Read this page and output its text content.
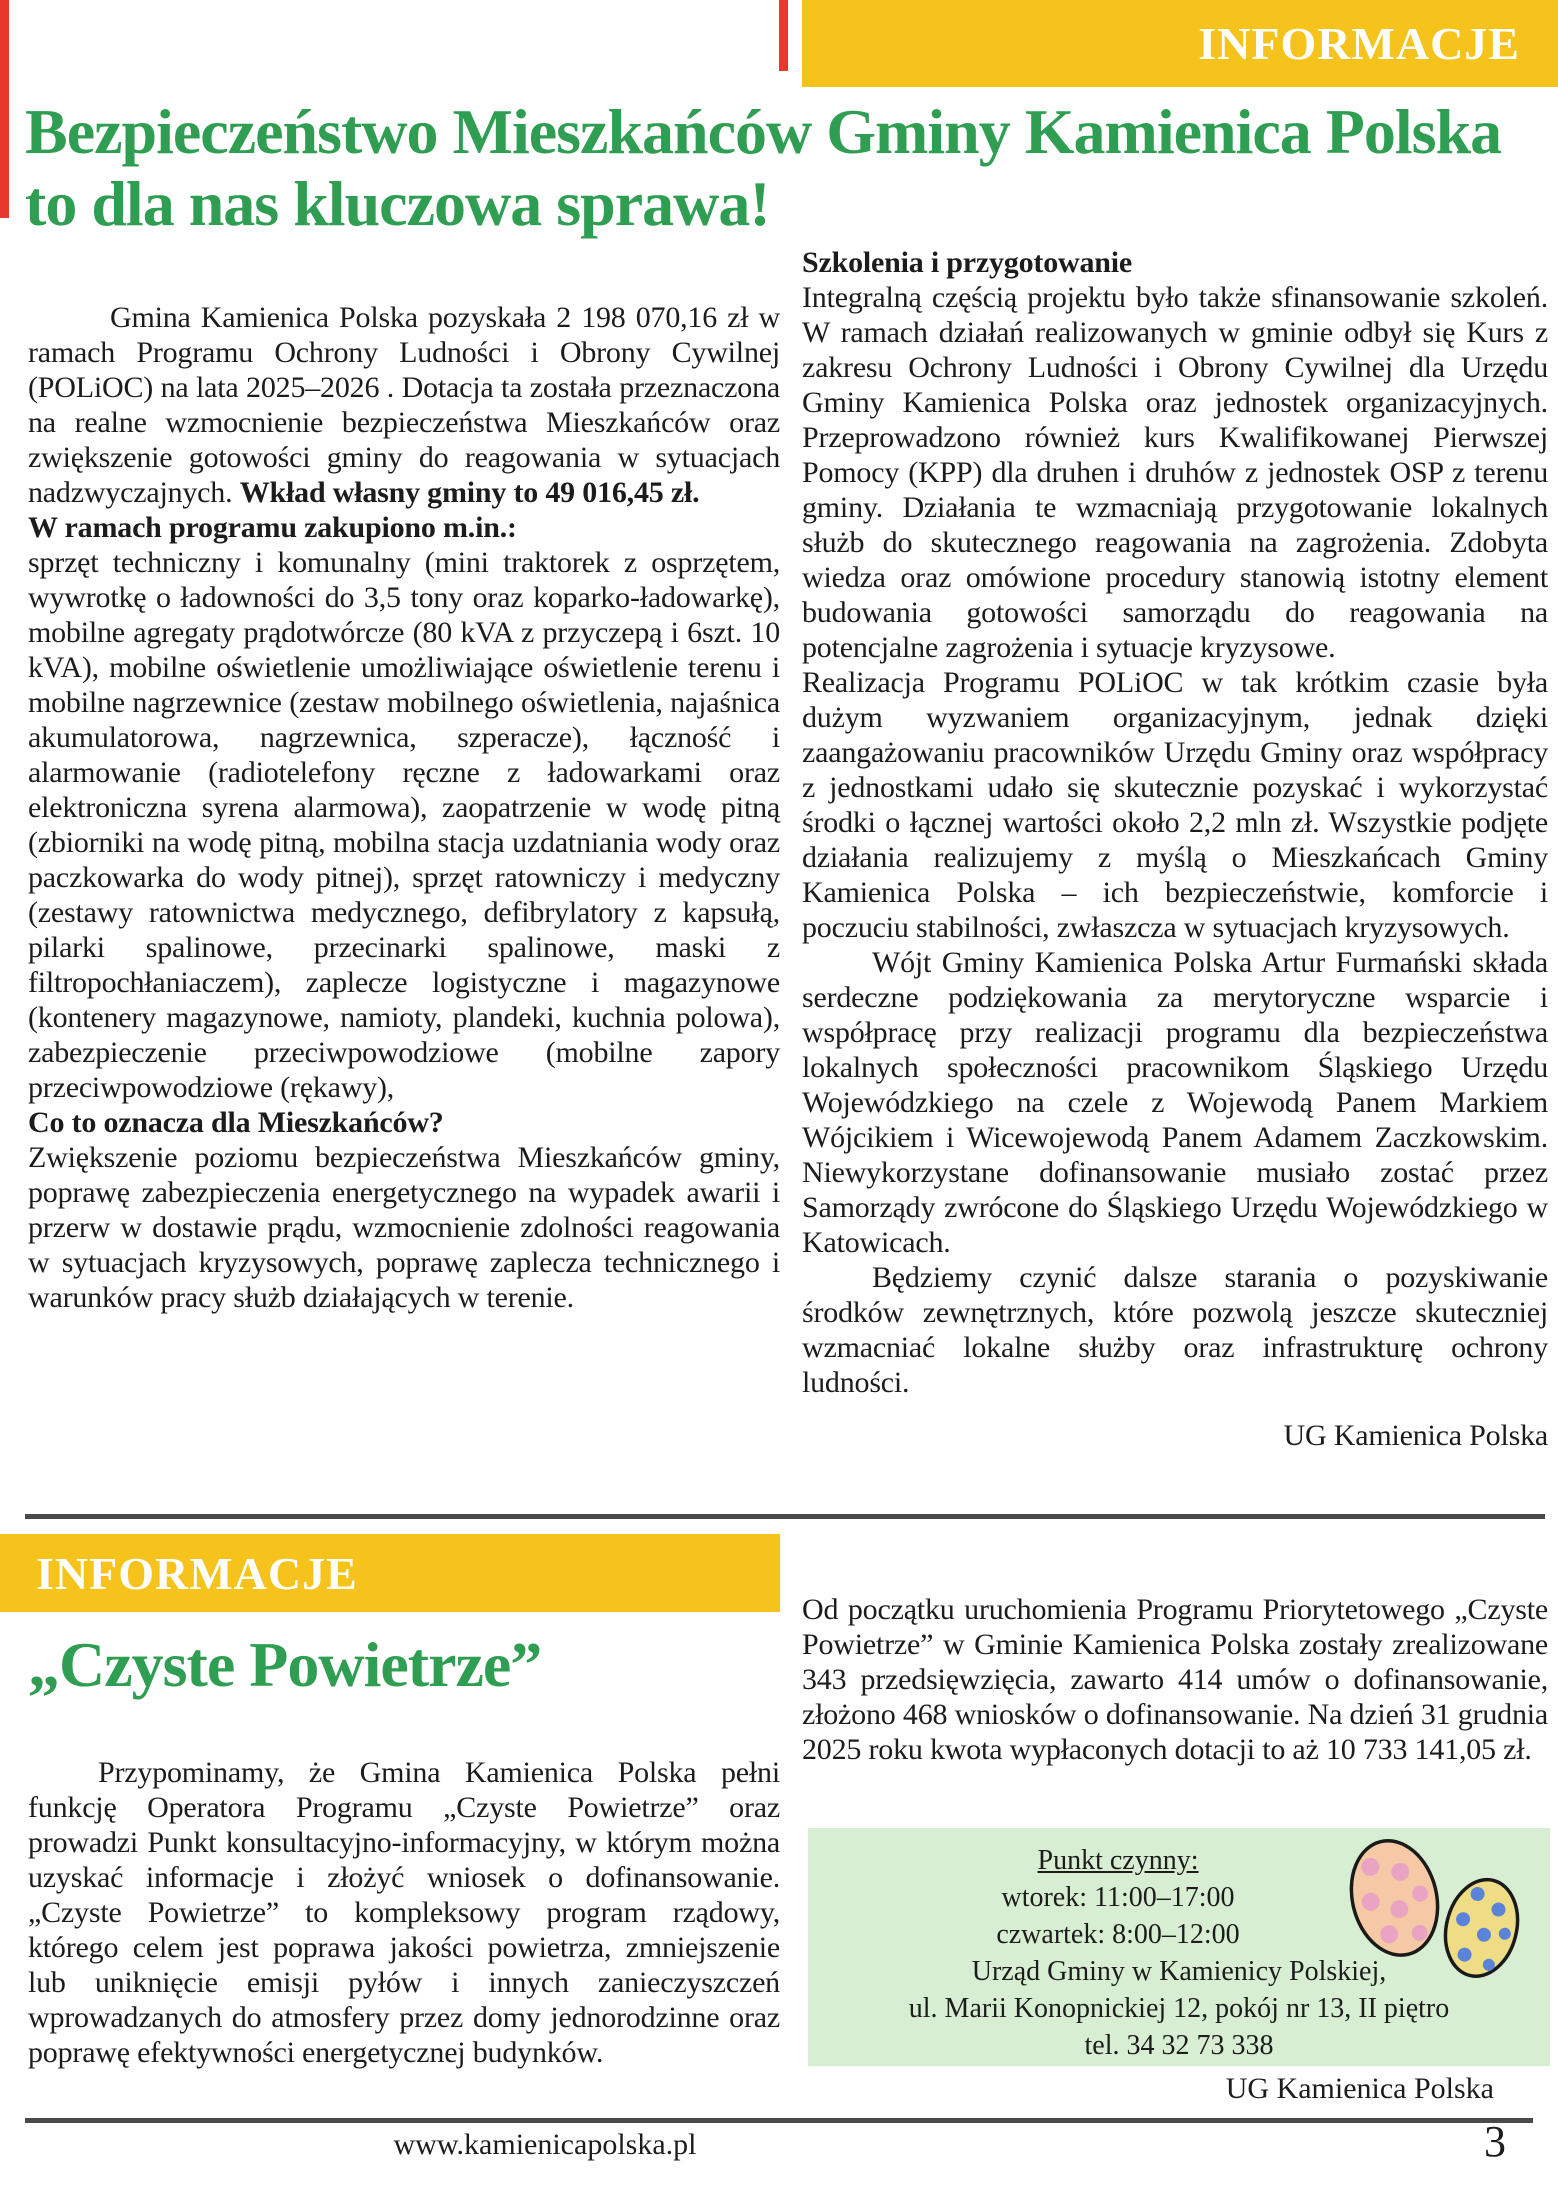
INFORMACJE
Bezpieczeństwo Mieszkańców Gminy Kamienica Polska
to dla nas kluczowa sprawa!

Gmina Kamienica Polska pozyskała 2 198 070,16 zł w ramach Programu Ochrony Ludności i Obrony Cywilnej (POLiOC) na lata 2025–2026 . Dotacja ta została przeznaczona na realne wzmocnienie bezpieczeństwa Mieszkańców oraz zwiększenie gotowości gminy do reagowania w sytuacjach nadzwyczajnych. Wkład własny gminy to 49 016,45 zł.

W ramach programu zakupiono m.in.:

sprzęt techniczny i komunalny (mini traktorek z osprzętem, wywrotkę o ładowności do 3,5 tony oraz koparko-ładowarkę), mobilne agregaty prądotwórcze (80 kVA z przyczepą i 6szt. 10 kVA), mobilne oświetlenie umożliwiające oświetlenie terenu i mobilne nagrzewnice (zestaw mobilnego oświetlenia, najaśnica akumulatorowa, nagrzewnica, szperacze), łączność i alarmowanie (radiotelefony ręczne z ładowarkami oraz elektroniczna syrena alarmowa), zaopatrzenie w wodę pitną (zbiorniki na wodę pitną, mobilna stacja uzdatniania wody oraz paczkowarka do wody pitnej), sprzęt ratowniczy i medyczny (zestawy ratownictwa medycznego, defibrylatory z kapsułą, pilarki spalinowe, przecinarki spalinowe, maski z filtropochłaniaczem), zaplecze logistyczne i magazynowe (kontenery magazynowe, namioty, plandeki, kuchnia polowa), zabezpieczenie przeciwpowodziowe (mobilne zapory przeciwpowodziowe (rękawy),

Co to oznacza dla Mieszkańców?

Zwiększenie poziomu bezpieczeństwa Mieszkańców gminy, poprawę zabezpieczenia energetycznego na wypadek awarii i przerw w dostawie prądu, wzmocnienie zdolności reagowania w sytuacjach kryzysowych, poprawę zaplecza technicznego i warunków pracy służb działających w terenie.

Szkolenia i przygotowanie

Integralną częścią projektu było także sfinansowanie szkoleń. W ramach działań realizowanych w gminie odbył się Kurs z zakresu Ochrony Ludności i Obrony Cywilnej dla Urzędu Gminy Kamienica Polska oraz jednostek organizacyjnych. Przeprowadzono również kurs Kwalifikowanej Pierwszej Pomocy (KPP) dla druhen i druhów z jednostek OSP z terenu gminy. Działania te wzmacniają przygotowanie lokalnych służb do skutecznego reagowania na zagrożenia. Zdobyta wiedza oraz omówione procedury stanowią istotny element budowania gotowości samorządu do reagowania na potencjalne zagrożenia i sytuacje kryzysowe.

Realizacja Programu POLiOC w tak krótkim czasie była dużym wyzwaniem organizacyjnym, jednak dzięki zaangażowaniu pracowników Urzędu Gminy oraz współpracy z jednostkami udało się skutecznie pozyskać i wykorzystać środki o łącznej wartości około 2,2 mln zł. Wszystkie podjęte działania realizujemy z myślą o Mieszkańcach Gminy Kamienica Polska – ich bezpieczeństwie, komforcie i poczuciu stabilności, zwłaszcza w sytuacjach kryzysowych.

Wójt Gminy Kamienica Polska Artur Furmański składa serdeczne podziękowania za merytoryczne wsparcie i współpracę przy realizacji programu dla bezpieczeństwa lokalnych społeczności pracownikom Śląskiego Urzędu Wojewódzkiego na czele z Wojewodą Panem Markiem Wójcikiem i Wicewojewodą Panem Adamem Zaczkowskim. Niewykorzystane dofinansowanie musiało zostać przez Samorządy zwrócone do Śląskiego Urzędu Wojewódzkiego w Katowicach.

Będziemy czynić dalsze starania o pozyskiwanie środków zewnętrznych, które pozwolą jeszcze skuteczniej wzmacniać lokalne służby oraz infrastrukturę ochrony ludności.

UG Kamienica Polska

INFORMACJE
„Czyste Powietrze”

Przypominamy, że Gmina Kamienica Polska pełni funkcję Operatora Programu „Czyste Powietrze” oraz prowadzi Punkt konsultacyjno-informacyjny, w którym można uzyskać informacje i złożyć wniosek o dofinansowanie.„Czyste Powietrze” to kompleksowy program rządowy, którego celem jest poprawa jakości powietrza, zmniejszenie lub uniknięcie emisji pyłów i innych zanieczyszczeń wprowadzanych do atmosfery przez domy jednorodzinne oraz poprawę efektywności energetycznej budynków.

Od początku uruchomienia Programu Priorytetowego „Czyste Powietrze” w Gminie Kamienica Polska zostały zrealizowane 343 przedsięwzięcia, zawarto 414 umów o dofinansowanie, złożono 468 wniosków o dofinansowanie. Na dzień 31 grudnia 2025 roku kwota wypłaconych dotacji to aż 10 733 141,05 zł.

Punkt czynny:
wtorek: 11:00–17:00
czwartek: 8:00–12:00
Urząd Gminy w Kamienicy Polskiej,
ul. Marii Konopnickiej 12, pokój nr 13, II piętro
tel. 34 32 73 338
UG Kamienica Polska
www.kamienicapolska.pl	3
